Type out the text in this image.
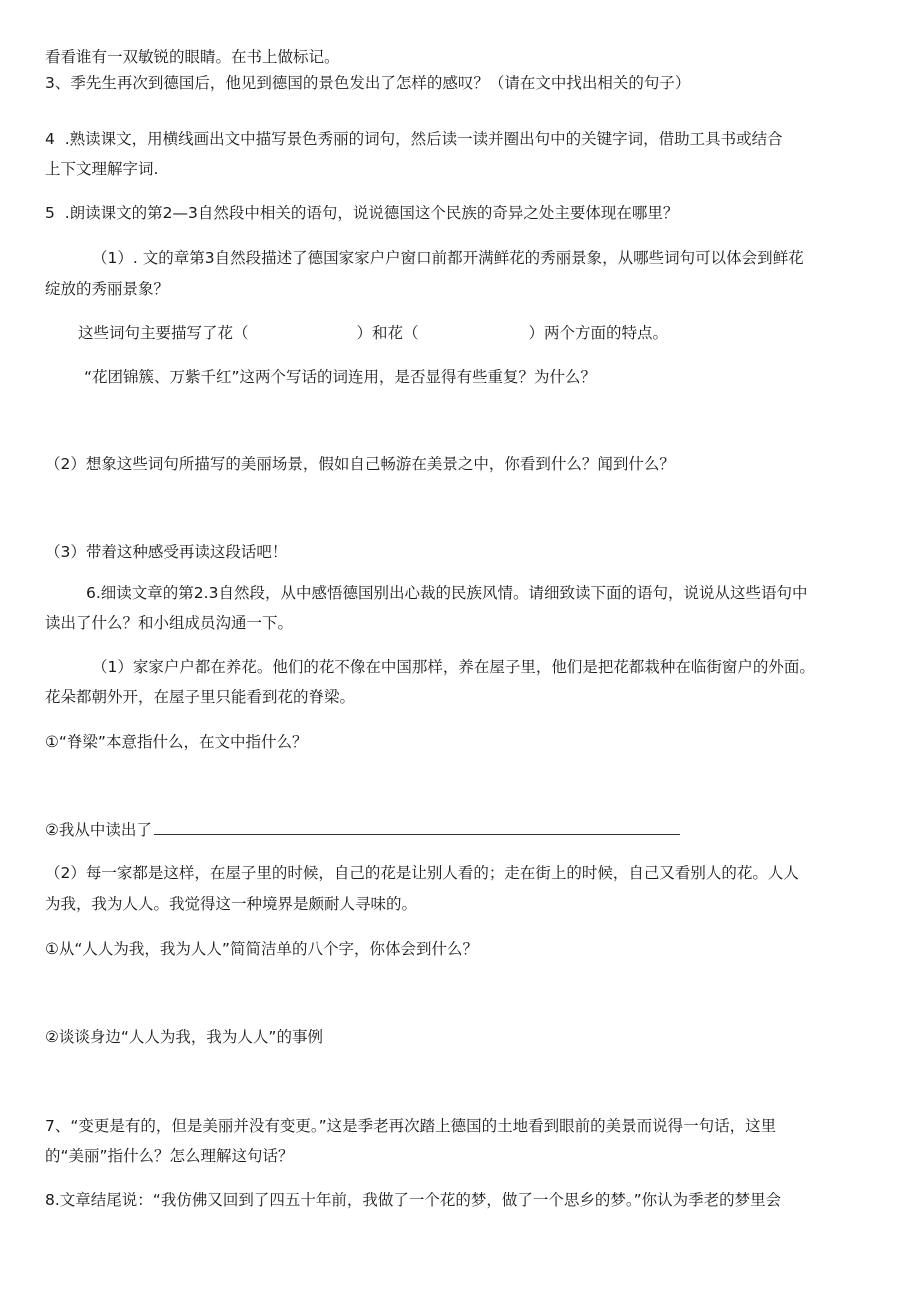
看看谁有一双敏锐的眼睛。在书上做标记。
3、季先生再次到德国后，他见到德国的景色发出了怎样的感叹？（请在文中找出相关的句子）
4  .熟读课文，用横线画出文中描写景色秀丽的词句，然后读一读并圈出句中的关键字词，借助工具书或结合
上下文理解字词.
5  .朗读课文的第2—3自然段中相关的语句，说说德国这个民族的奇异之处主要体现在哪里？
（1）. 文的章第3自然段描述了德国家家户户窗口前都开满鲜花的秀丽景象，从哪些词句可以体会到鲜花
绽放的秀丽景象？
这些词句主要描写了花（	）和花（	）两个方面的特点。
“花团锦簇、万紫千红”这两个写话的词连用，是否显得有些重复？为什么？
（2）想象这些词句所描写的美丽场景，假如自己畅游在美景之中，你看到什么？闻到什么？
（3）带着这种感受再读这段话吧！
6.细读文章的第2.3自然段，从中感悟德国别出心裁的民族风情。请细致读下面的语句，说说从这些语句中
读出了什么？和小组成员沟通一下。
（1）家家户户都在养花。他们的花不像在中国那样，养在屋子里，他们是把花都栽种在临街窗户的外面。
花朵都朝外开，在屋子里只能看到花的脊梁。
①“脊梁”本意指什么，在文中指什么？
②我从中读出了
（2）每一家都是这样，在屋子里的时候，自己的花是让别人看的；走在街上的时候，自己又看别人的花。人人
为我，我为人人。我觉得这一种境界是颇耐人寻味的。
①从“人人为我，我为人人”简简洁单的八个字，你体会到什么？
②谈谈身边“人人为我，我为人人”的事例
7、“变更是有的，但是美丽并没有变更。”这是季老再次踏上德国的土地看到眼前的美景而说得一句话，这里
的“美丽”指什么？怎么理解这句话？
8.文章结尾说：“我仿佛又回到了四五十年前，我做了一个花的梦，做了一个思乡的梦。”你认为季老的梦里会
